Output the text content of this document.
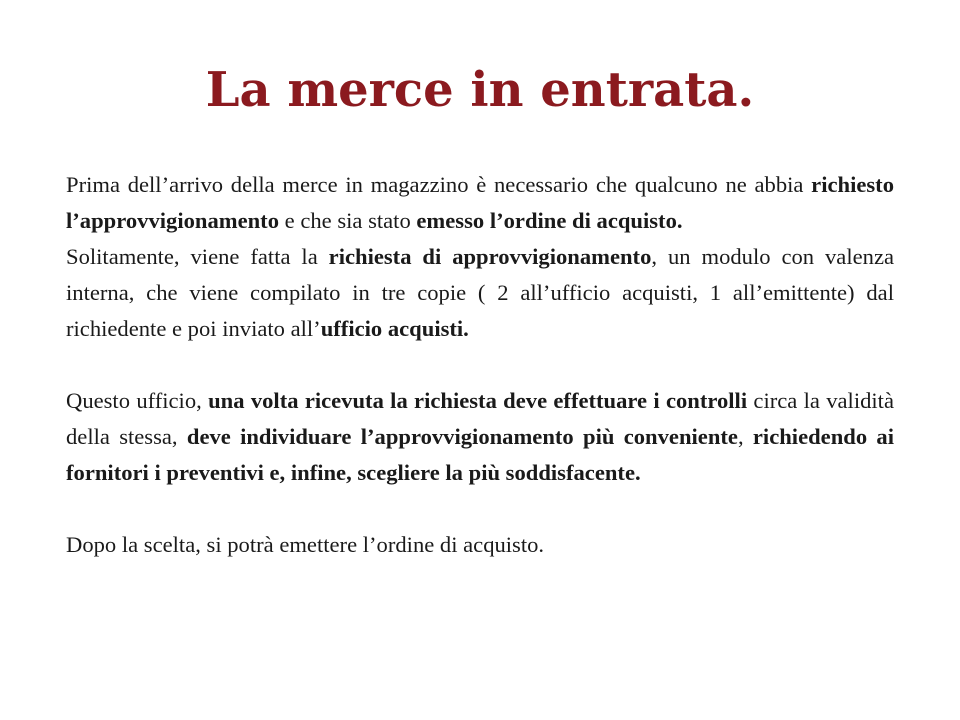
La merce in entrata.

Prima dell’arrivo della merce in magazzino è necessario che qualcuno ne abbia richiesto l’approvvigionamento e che sia stato emesso l’ordine di acquisto.

Solitamente, viene fatta la richiesta di approvvigionamento, un modulo con valenza interna, che viene compilato in tre copie ( 2 all’ufficio acquisti, 1 all’emittente) dal richiedente e poi inviato all’ufficio acquisti.

Questo ufficio, una volta ricevuta la richiesta deve effettuare i controlli circa la validità della stessa, deve individuare l’approvvigionamento più conveniente, richiedendo ai fornitori i preventivi e, infine, scegliere la più soddisfacente.

Dopo la scelta, si potrà emettere l’ordine di acquisto.
